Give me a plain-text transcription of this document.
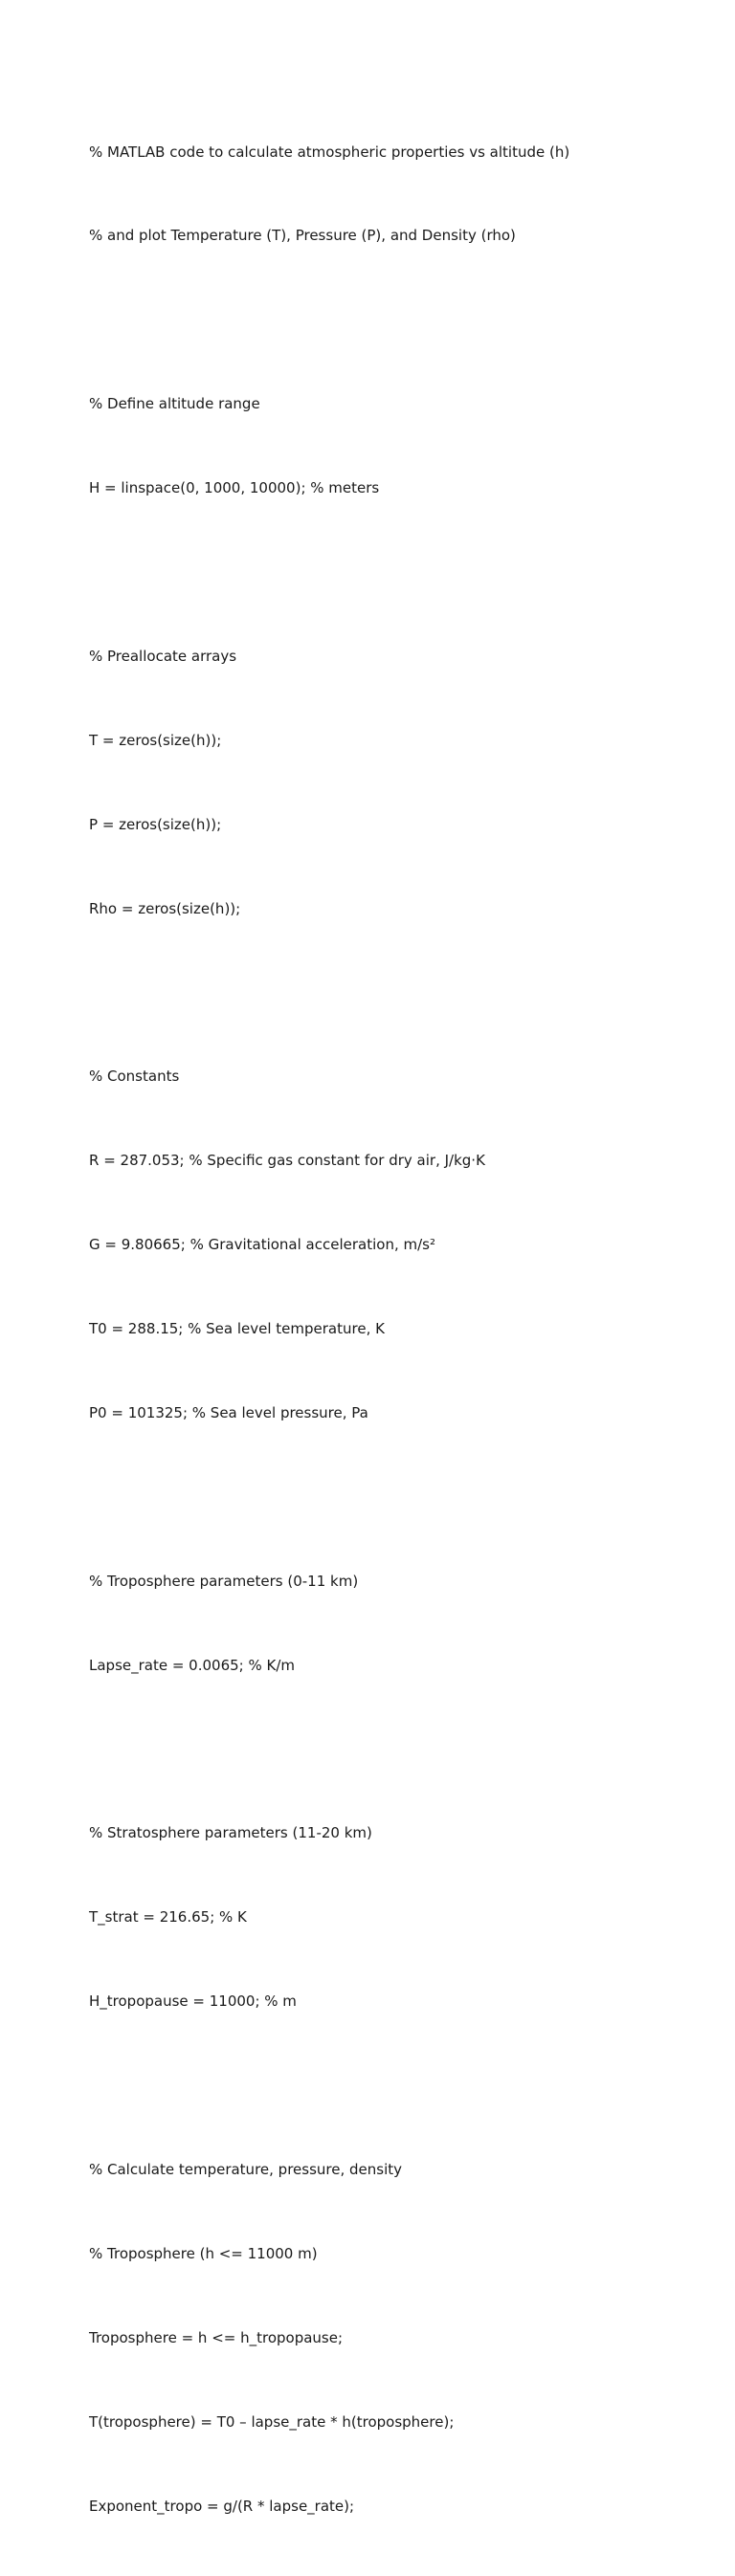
% MATLAB code to calculate atmospheric properties vs altitude (h)

% and plot Temperature (T), Pressure (P), and Density (rho)

% Define altitude range

H = linspace(0, 1000, 10000); % meters

% Preallocate arrays

T = zeros(size(h));

P = zeros(size(h));

Rho = zeros(size(h));

% Constants

R = 287.053; % Specific gas constant for dry air, J/kg·K

G = 9.80665; % Gravitational acceleration, m/s²

T0 = 288.15; % Sea level temperature, K

P0 = 101325; % Sea level pressure, Pa

% Troposphere parameters (0-11 km)

Lapse_rate = 0.0065; % K/m

% Stratosphere parameters (11-20 km)

T_strat = 216.65; % K

H_tropopause = 11000; % m

% Calculate temperature, pressure, density

% Troposphere (h <= 11000 m)

Troposphere = h <= h_tropopause;

T(troposphere) = T0 – lapse_rate * h(troposphere);

Exponent_tropo = g/(R * lapse_rate);
